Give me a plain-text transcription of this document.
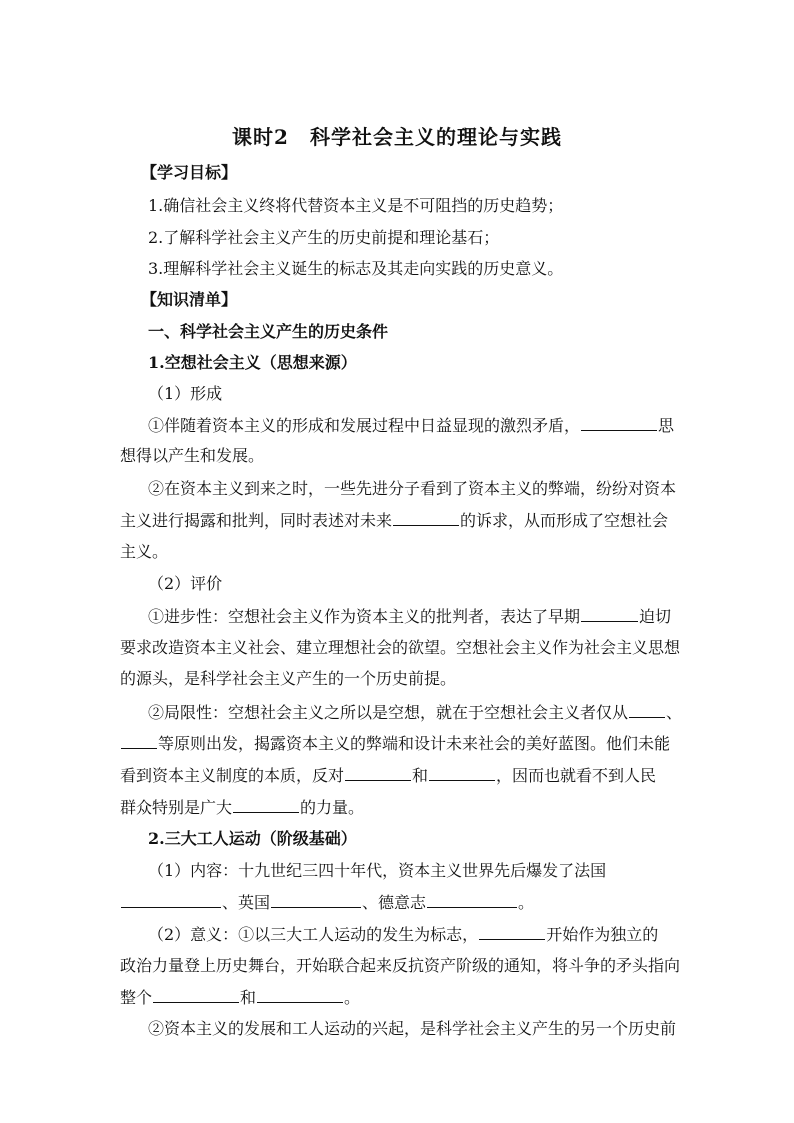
课时2　科学社会主义的理论与实践
【学习目标】
1.确信社会主义终将代替资本主义是不可阻挡的历史趋势；
2.了解科学社会主义产生的历史前提和理论基石；
3.理解科学社会主义诞生的标志及其走向实践的历史意义。
【知识清单】
一、科学社会主义产生的历史条件
1.空想社会主义（思想来源）
（1）形成
①伴随着资本主义的形成和发展过程中日益显现的激烈矛盾，	思
想得以产生和发展。
②在资本主义到来之时，一些先进分子看到了资本主义的弊端，纷纷对资本
主义进行揭露和批判，同时表述对未来	的诉求，从而形成了空想社会
主义。
（2）评价
①进步性：空想社会主义作为资本主义的批判者，表达了早期	迫切
要求改造资本主义社会、建立理想社会的欲望。空想社会主义作为社会主义思想
的源头，是科学社会主义产生的一个历史前提。
②局限性：空想社会主义之所以是空想，就在于空想社会主义者仅从 、
等原则出发，揭露资本主义的弊端和设计未来社会的美好蓝图。他们未能
看到资本主义制度的本质，反对	和	，因而也就看不到人民
群众特别是广大	的力量。
2.三大工人运动（阶级基础）
（1）内容：十九世纪三四十年代，资本主义世界先后爆发了法国
、英国	、德意志	。
（2）意义：①以三大工人运动的发生为标志，	开始作为独立的
政治力量登上历史舞台，开始联合起来反抗资产阶级的通知，将斗争的矛头指向
整个	和	。
②资本主义的发展和工人运动的兴起，是科学社会主义产生的另一个历史前
